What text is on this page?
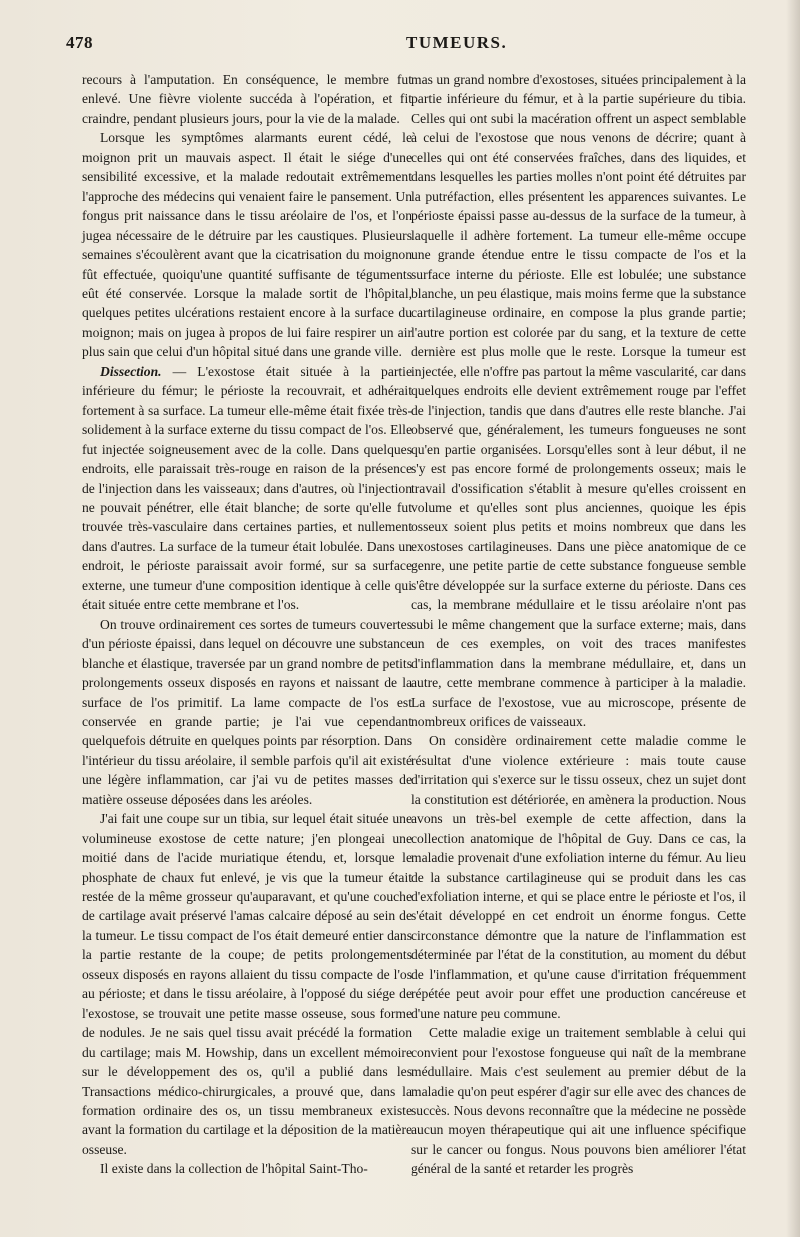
478	TUMEURS.

recours à l'amputation. En conséquence, le membre fut enlevé. Une fièvre violente succéda à l'opération, et fit craindre, pendant plusieurs jours, pour la vie de la malade.

Lorsque les symptômes alarmants eurent cédé, le moignon prit un mauvais aspect. Il était le siége d'une sensibilité excessive, et la malade redoutait extrêmement l'approche des médecins qui venaient faire le pansement. Un fongus prit naissance dans le tissu aréolaire de l'os, et l'on jugea nécessaire de le détruire par les caustiques. Plusieurs semaines s'écoulèrent avant que la cicatrisation du moignon fût effectuée, quoiqu'une quantité suffisante de téguments eût été conservée. Lorsque la malade sortit de l'hôpital, quelques petites ulcérations restaient encore à la surface du moignon; mais on jugea à propos de lui faire respirer un air plus sain que celui d'un hôpital situé dans une grande ville.

Dissection. — L'exostose était située à la partie inférieure du fémur; le périoste la recouvrait, et adhérait fortement à sa surface. La tumeur elle-même était fixée très-solidement à la surface externe du tissu compact de l'os. Elle fut injectée soigneusement avec de la colle. Dans quelques endroits, elle paraissait très-rouge en raison de la présence de l'injection dans les vaisseaux; dans d'autres, où l'injection ne pouvait pénétrer, elle était blanche; de sorte qu'elle fut trouvée très-vasculaire dans certaines parties, et nullement dans d'autres. La surface de la tumeur était lobulée. Dans un endroit, le périoste paraissait avoir formé, sur sa surface externe, une tumeur d'une composition identique à celle qui était située entre cette membrane et l'os.

On trouve ordinairement ces sortes de tumeurs couvertes d'un périoste épaissi, dans lequel on découvre une substance blanche et élastique, traversée par un grand nombre de petits prolongements osseux disposés en rayons et naissant de la surface de l'os primitif. La lame compacte de l'os est conservée en grande partie; je l'ai vue cependant quelquefois détruite en quelques points par résorption. Dans l'intérieur du tissu aréolaire, il semble parfois qu'il ait existé une légère inflammation, car j'ai vu de petites masses de matière osseuse déposées dans les aréoles.

J'ai fait une coupe sur un tibia, sur lequel était située une volumineuse exostose de cette nature; j'en plongeai une moitié dans de l'acide muriatique étendu, et, lorsque le phosphate de chaux fut enlevé, je vis que la tumeur était restée de la même grosseur qu'auparavant, et qu'une couche de cartilage avait préservé l'amas calcaire déposé au sein de la tumeur. Le tissu compact de l'os était demeuré entier dans la partie restante de la coupe; de petits prolongements osseux disposés en rayons allaient du tissu compacte de l'os au périoste; et dans le tissu aréolaire, à l'opposé du siége de l'exostose, se trouvait une petite masse osseuse, sous forme de nodules. Je ne sais quel tissu avait précédé la formation du cartilage; mais M. Howship, dans un excellent mémoire sur le développement des os, qu'il a publié dans les Transactions médico-chirurgicales, a prouvé que, dans la formation ordinaire des os, un tissu membraneux existe avant la formation du cartilage et la déposition de la matière osseuse.

Il existe dans la collection de l'hôpital Saint-Tho-

mas un grand nombre d'exostoses, situées principalement à la partie inférieure du fémur, et à la partie supérieure du tibia. Celles qui ont subi la macération offrent un aspect semblable à celui de l'exostose que nous venons de décrire; quant à celles qui ont été conservées fraîches, dans des liquides, et dans lesquelles les parties molles n'ont point été détruites par la putréfaction, elles présentent les apparences suivantes. Le périoste épaissi passe au-dessus de la surface de la tumeur, à laquelle il adhère fortement. La tumeur elle-même occupe une grande étendue entre le tissu compacte de l'os et la surface interne du périoste. Elle est lobulée; une substance blanche, un peu élastique, mais moins ferme que la substance cartilagineuse ordinaire, en compose la plus grande partie; l'autre portion est colorée par du sang, et la texture de cette dernière est plus molle que le reste. Lorsque la tumeur est injectée, elle n'offre pas partout la même vascularité, car dans quelques endroits elle devient extrêmement rouge par l'effet de l'injection, tandis que dans d'autres elle reste blanche. J'ai observé que, généralement, les tumeurs fongueuses ne sont qu'en partie organisées. Lorsqu'elles sont à leur début, il ne s'y est pas encore formé de prolongements osseux; mais le travail d'ossification s'établit à mesure qu'elles croissent en volume et qu'elles sont plus anciennes, quoique les épis osseux soient plus petits et moins nombreux que dans les exostoses cartilagineuses. Dans une pièce anatomique de ce genre, une petite partie de cette substance fongueuse semble s'être développée sur la surface externe du périoste. Dans ces cas, la membrane médullaire et le tissu aréolaire n'ont pas subi le même changement que la surface externe; mais, dans un de ces exemples, on voit des traces manifestes d'inflammation dans la membrane médullaire, et, dans un autre, cette membrane commence à participer à la maladie. La surface de l'exostose, vue au microscope, présente de nombreux orifices de vaisseaux.

On considère ordinairement cette maladie comme le résultat d'une violence extérieure : mais toute cause d'irritation qui s'exerce sur le tissu osseux, chez un sujet dont la constitution est détériorée, en amènera la production. Nous avons un très-bel exemple de cette affection, dans la collection anatomique de l'hôpital de Guy. Dans ce cas, la maladie provenait d'une exfoliation interne du fémur. Au lieu de la substance cartilagineuse qui se produit dans les cas d'exfoliation interne, et qui se place entre le périoste et l'os, il s'était développé en cet endroit un énorme fongus. Cette circonstance démontre que la nature de l'inflammation est déterminée par l'état de la constitution, au moment du début de l'inflammation, et qu'une cause d'irritation fréquemment répétée peut avoir pour effet une production cancéreuse et d'une nature peu commune.

Cette maladie exige un traitement semblable à celui qui convient pour l'exostose fongueuse qui naît de la membrane médullaire. Mais c'est seulement au premier début de la maladie qu'on peut espérer d'agir sur elle avec des chances de succès. Nous devons reconnaître que la médecine ne possède aucun moyen thérapeutique qui ait une influence spécifique sur le cancer ou fongus. Nous pouvons bien améliorer l'état général de la santé et retarder les progrès
